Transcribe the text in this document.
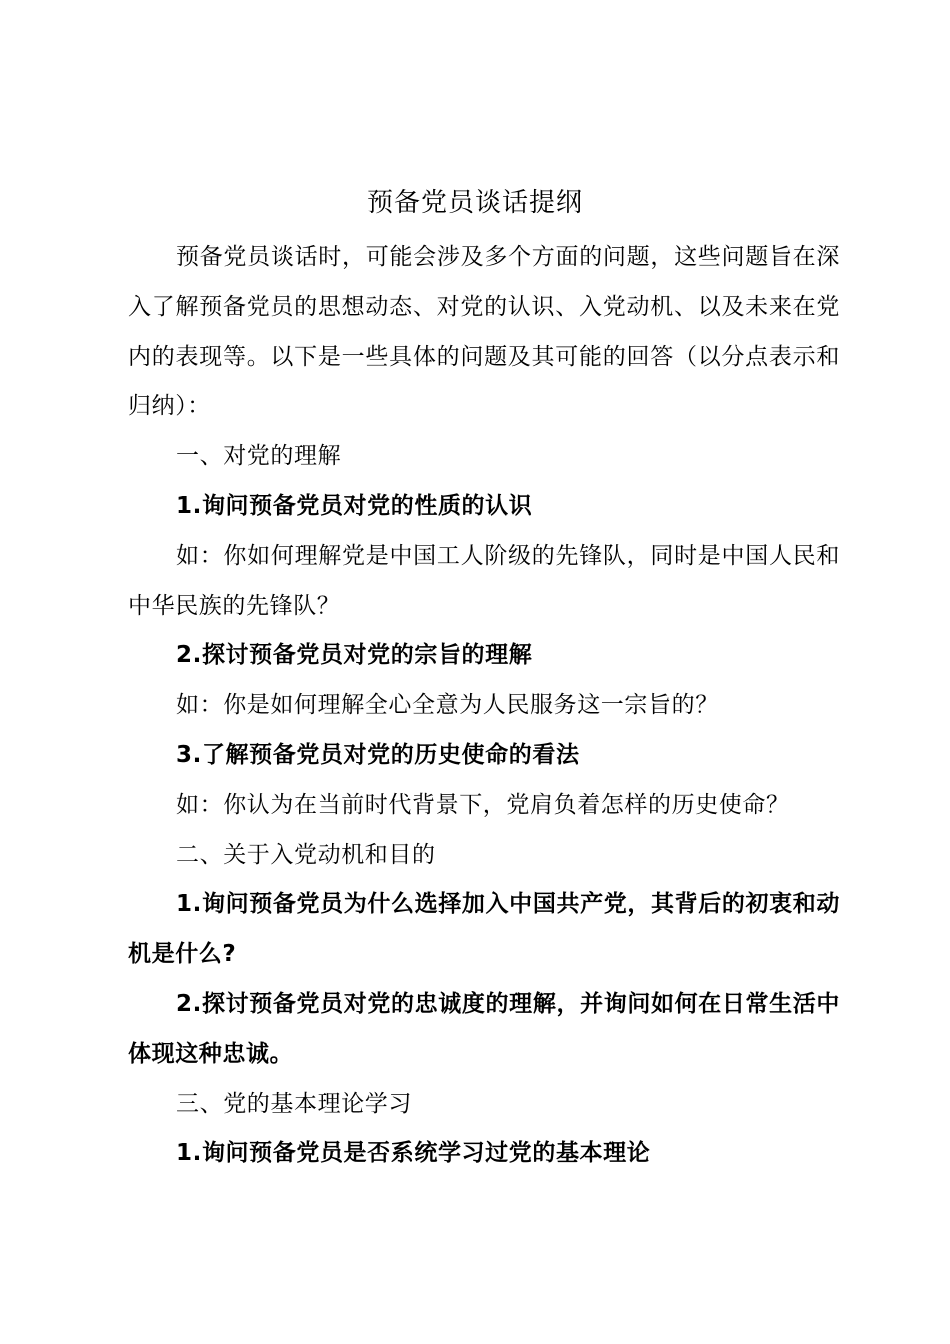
预备党员谈话提纲

预备党员谈话时，可能会涉及多个方面的问题，这些问题旨在深入了解预备党员的思想动态、对党的认识、入党动机、以及未来在党内的表现等。以下是一些具体的问题及其可能的回答（以分点表示和归纳）：

一、对党的理解

1.询问预备党员对党的性质的认识

如：你如何理解党是中国工人阶级的先锋队，同时是中国人民和中华民族的先锋队？

2.探讨预备党员对党的宗旨的理解

如：你是如何理解全心全意为人民服务这一宗旨的？

3.了解预备党员对党的历史使命的看法

如：你认为在当前时代背景下，党肩负着怎样的历史使命？

二、关于入党动机和目的

1.询问预备党员为什么选择加入中国共产党，其背后的初衷和动机是什么?

2.探讨预备党员对党的忠诚度的理解，并询问如何在日常生活中体现这种忠诚。

三、党的基本理论学习

1.询问预备党员是否系统学习过党的基本理论
